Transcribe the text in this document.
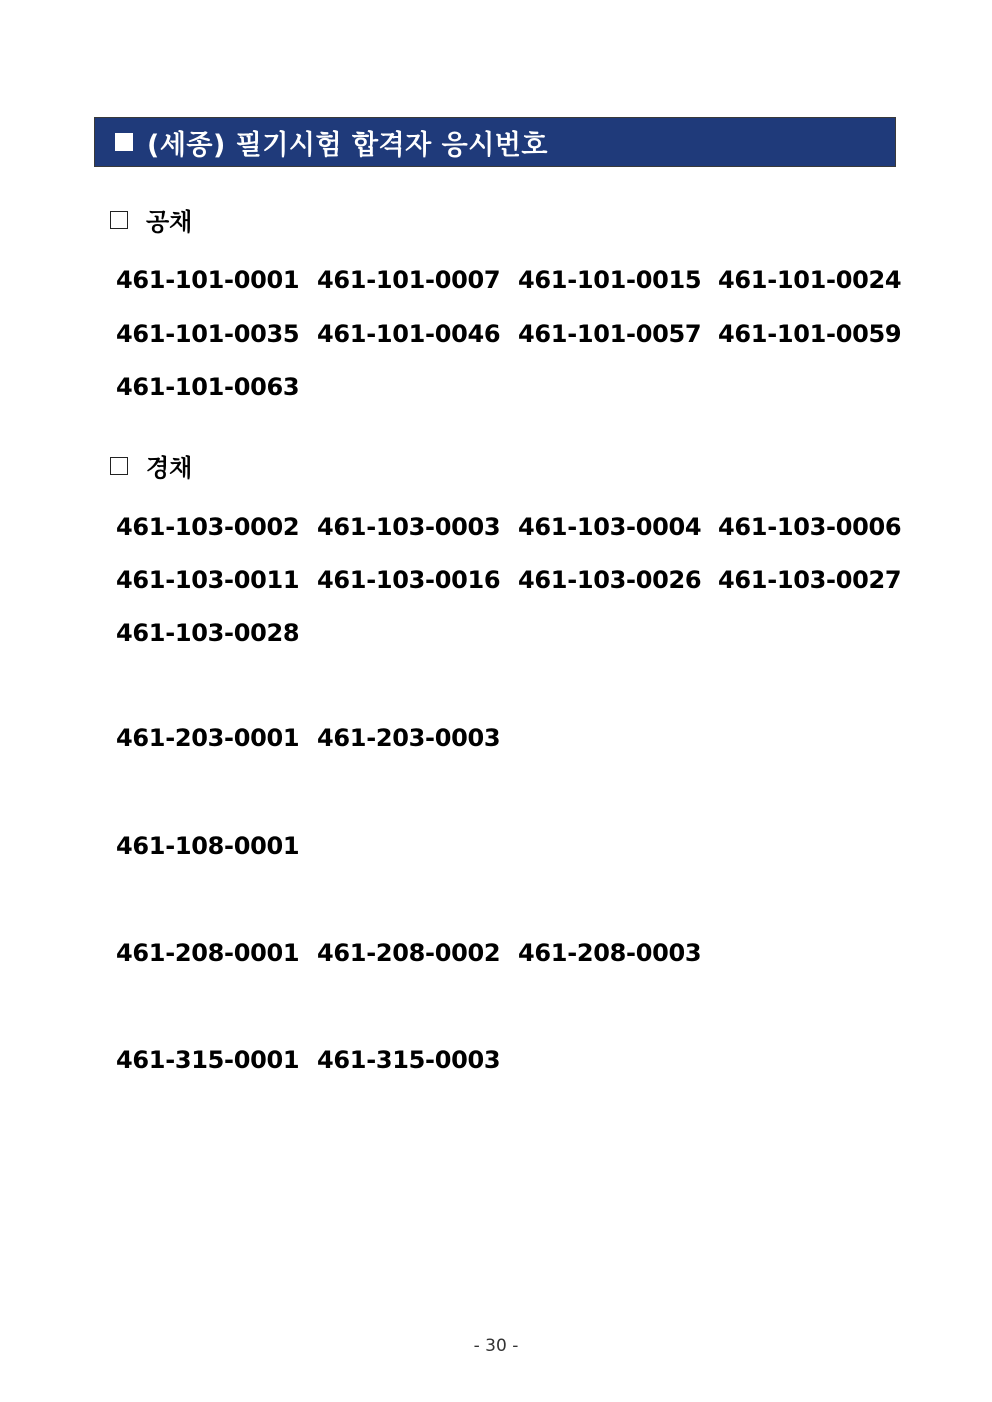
(세종) 필기시험 합격자 응시번호
공채
461-101-0001 461-101-0007 461-101-0015 461-101-0024
461-101-0035 461-101-0046 461-101-0057 461-101-0059
461-101-0063
경채
461-103-0002 461-103-0003 461-103-0004 461-103-0006
461-103-0011 461-103-0016 461-103-0026 461-103-0027
461-103-0028
461-203-0001 461-203-0003
461-108-0001
461-208-0001 461-208-0002 461-208-0003
461-315-0001 461-315-0003
- 30 -
